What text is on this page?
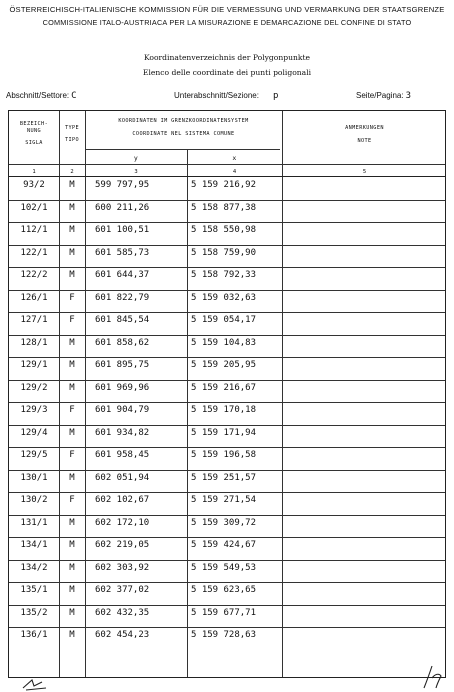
ÖSTERREICHISCH-ITALIENISCHE KOMMISSION FÜR DIE VERMESSUNG UND VERMARKUNG DER STAATSGRENZE
COMMISSIONE ITALO-AUSTRIACA PER LA MISURAZIONE E DEMARCAZIONE DEL CONFINE DI STATO
Koordinatenverzeichnis der Polygonpunkte
Elenco delle coordinate dei punti poligonali
Abschnitt/Settore: C	Unterabschnitt/Sezione: p	Seite/Pagina: 3
BEZEICH-
NUNG
SIGLA
TYPE
TIPO
KOORDINATEN IM GRENZKOORDINATENSYSTEM
COORDINATE NEL SISTEMA COMUNE
y	x
ANMERKUNGEN
NOTE
1	2	3	4	5
93/2	M	599 797,95	5 159 216,92
102/1	M	600 211,26	5 158 877,38
112/1	M	601 100,51	5 158 550,98
122/1	M	601 585,73	5 158 759,90
122/2	M	601 644,37	5 158 792,33
126/1	F	601 822,79	5 159 032,63
127/1	F	601 845,54	5 159 054,17
128/1	M	601 858,62	5 159 104,83
129/1	M	601 895,75	5 159 205,95
129/2	M	601 969,96	5 159 216,67
129/3	F	601 904,79	5 159 170,18
129/4	M	601 934,82	5 159 171,94
129/5	F	601 958,45	5 159 196,58
130/1	M	602 051,94	5 159 251,57
130/2	F	602 102,67	5 159 271,54
131/1	M	602 172,10	5 159 309,72
134/1	M	602 219,05	5 159 424,67
134/2	M	602 303,92	5 159 549,53
135/1	M	602 377,02	5 159 623,65
135/2	M	602 432,35	5 159 677,71
136/1	M	602 454,23	5 159 728,63
